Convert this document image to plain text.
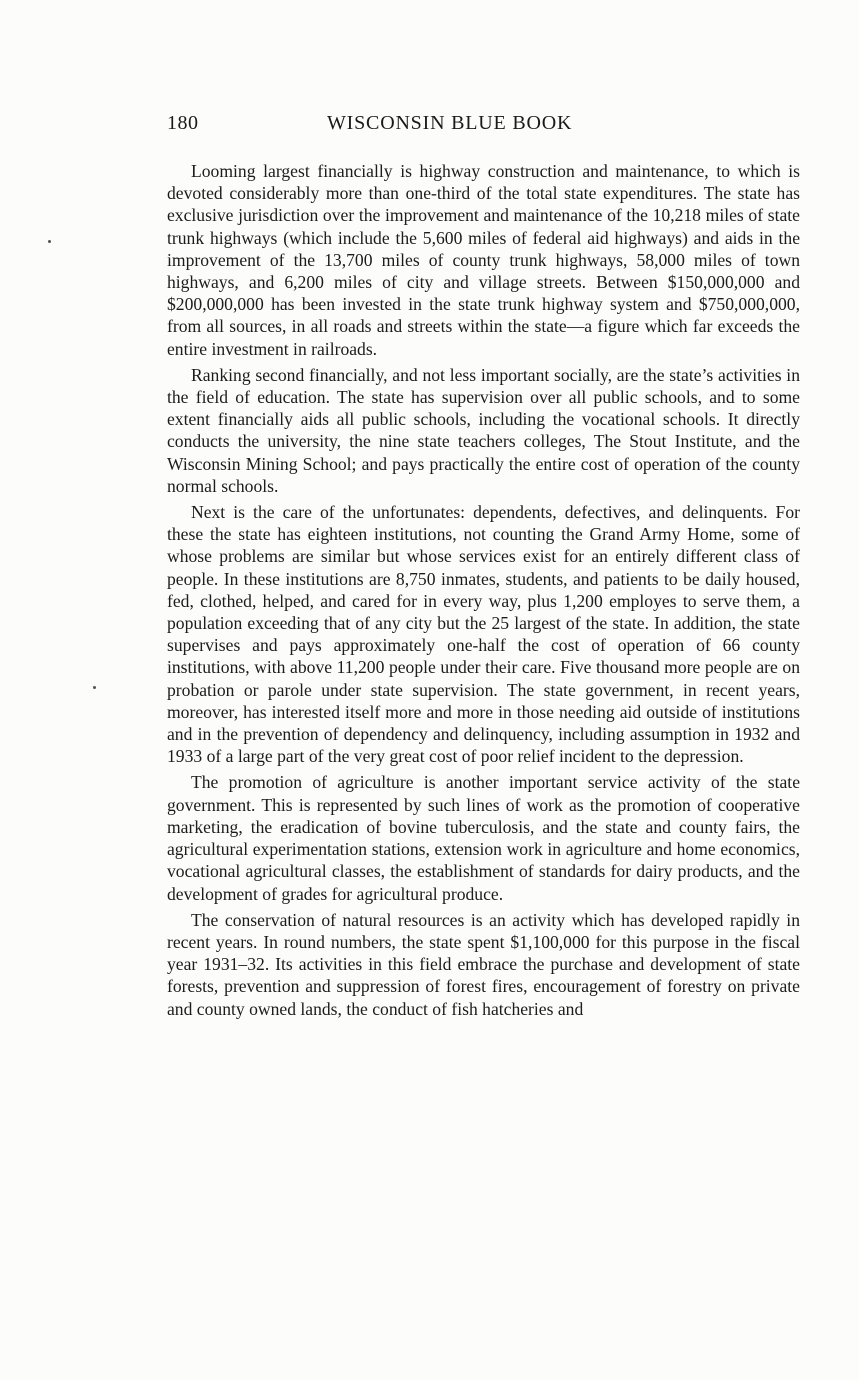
180	WISCONSIN BLUE BOOK

Looming largest financially is highway construction and maintenance, to which is devoted considerably more than one-third of the total state expenditures. The state has exclusive jurisdiction over the improvement and maintenance of the 10,218 miles of state trunk highways (which include the 5,600 miles of federal aid highways) and aids in the improvement of the 13,700 miles of county trunk highways, 58,000 miles of town highways, and 6,200 miles of city and village streets. Between $150,000,000 and $200,000,000 has been invested in the state trunk highway system and $750,000,000, from all sources, in all roads and streets within the state—a figure which far exceeds the entire investment in railroads.

Ranking second financially, and not less important socially, are the state’s activities in the field of education. The state has supervision over all public schools, and to some extent financially aids all public schools, including the vocational schools. It directly conducts the university, the nine state teachers colleges, The Stout Institute, and the Wisconsin Mining School; and pays practically the entire cost of operation of the county normal schools.

Next is the care of the unfortunates: dependents, defectives, and delinquents. For these the state has eighteen institutions, not counting the Grand Army Home, some of whose problems are similar but whose services exist for an entirely different class of people. In these institutions are 8,750 inmates, students, and patients to be daily housed, fed, clothed, helped, and cared for in every way, plus 1,200 employes to serve them, a population exceeding that of any city but the 25 largest of the state. In addition, the state supervises and pays approximately one-half the cost of operation of 66 county institutions, with above 11,200 people under their care. Five thousand more people are on probation or parole under state supervision. The state government, in recent years, moreover, has interested itself more and more in those needing aid outside of institutions and in the prevention of dependency and delinquency, including assumption in 1932 and 1933 of a large part of the very great cost of poor relief incident to the depression.

The promotion of agriculture is another important service activity of the state government. This is represented by such lines of work as the promotion of cooperative marketing, the eradication of bovine tuberculosis, and the state and county fairs, the agricultural experimentation stations, extension work in agriculture and home economics, vocational agricultural classes, the establishment of standards for dairy products, and the development of grades for agricultural produce.

The conservation of natural resources is an activity which has developed rapidly in recent years. In round numbers, the state spent $1,100,000 for this purpose in the fiscal year 1931–32. Its activities in this field embrace the purchase and development of state forests, prevention and suppression of forest fires, encouragement of forestry on private and county owned lands, the conduct of fish hatcheries and
